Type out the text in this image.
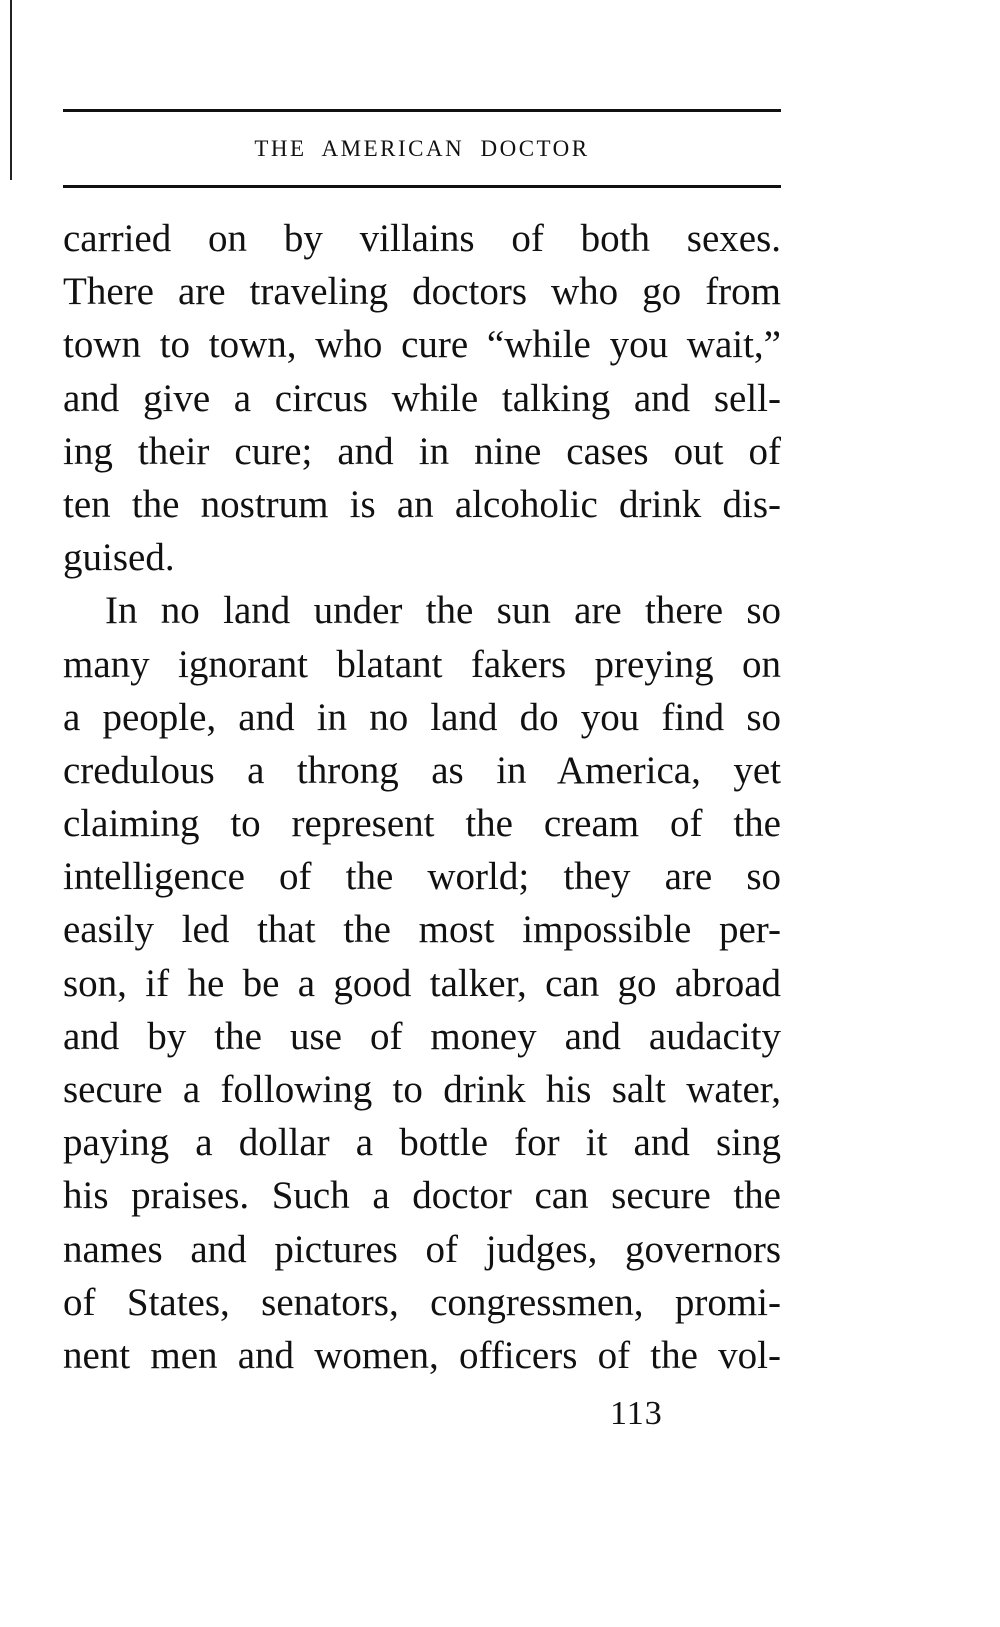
THE AMERICAN DOCTOR
carried on by villains of both sexes.
There are traveling doctors who go from
town to town, who cure “while you wait,”
and give a circus while talking and sell-
ing their cure; and in nine cases out of
ten the nostrum is an alcoholic drink dis-
guised.
In no land under the sun are there so
many ignorant blatant fakers preying on
a people, and in no land do you find so
credulous a throng as in America, yet
claiming to represent the cream of the
intelligence of the world; they are so
easily led that the most impossible per-
son, if he be a good talker, can go abroad
and by the use of money and audacity
secure a following to drink his salt water,
paying a dollar a bottle for it and sing
his praises. Such a doctor can secure the
names and pictures of judges, governors
of States, senators, congressmen, promi-
nent men and women, officers of the vol-
113
